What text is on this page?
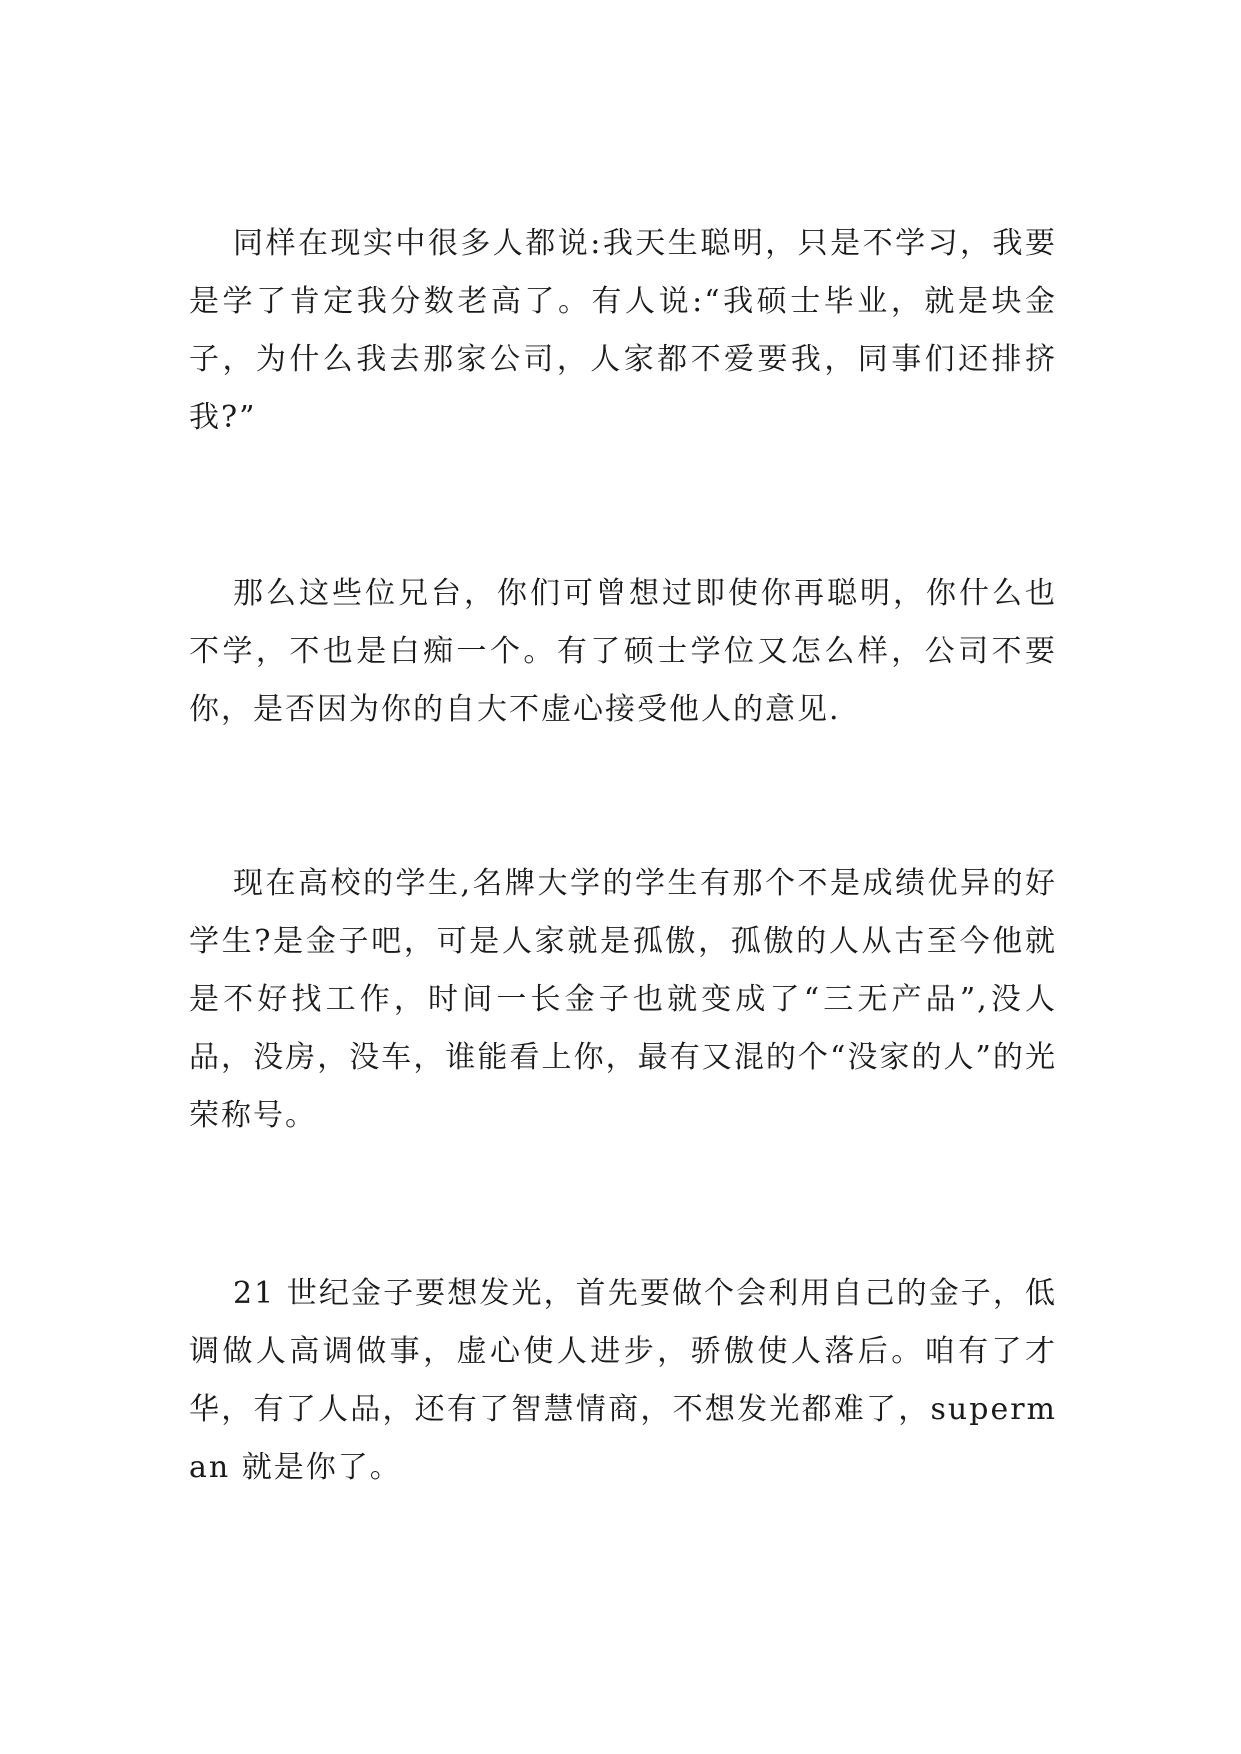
同样在现实中很多人都说:我天生聪明，只是不学习，我要是学了肯定我分数老高了。有人说:“我硕士毕业，就是块金子，为什么我去那家公司，人家都不爱要我，同事们还排挤我?”

那么这些位兄台，你们可曾想过即使你再聪明，你什么也不学，不也是白痴一个。有了硕士学位又怎么样，公司不要你，是否因为你的自大不虚心接受他人的意见.

现在高校的学生,名牌大学的学生有那个不是成绩优异的好学生?是金子吧，可是人家就是孤傲，孤傲的人从古至今他就是不好找工作，时间一长金子也就变成了“三无产品”,没人品，没房，没车，谁能看上你，最有又混的个“没家的人”的光荣称号。

21 世纪金子要想发光，首先要做个会利用自己的金子，低调做人高调做事，虚心使人进步，骄傲使人落后。咱有了才华，有了人品，还有了智慧情商，不想发光都难了，superman 就是你了。
